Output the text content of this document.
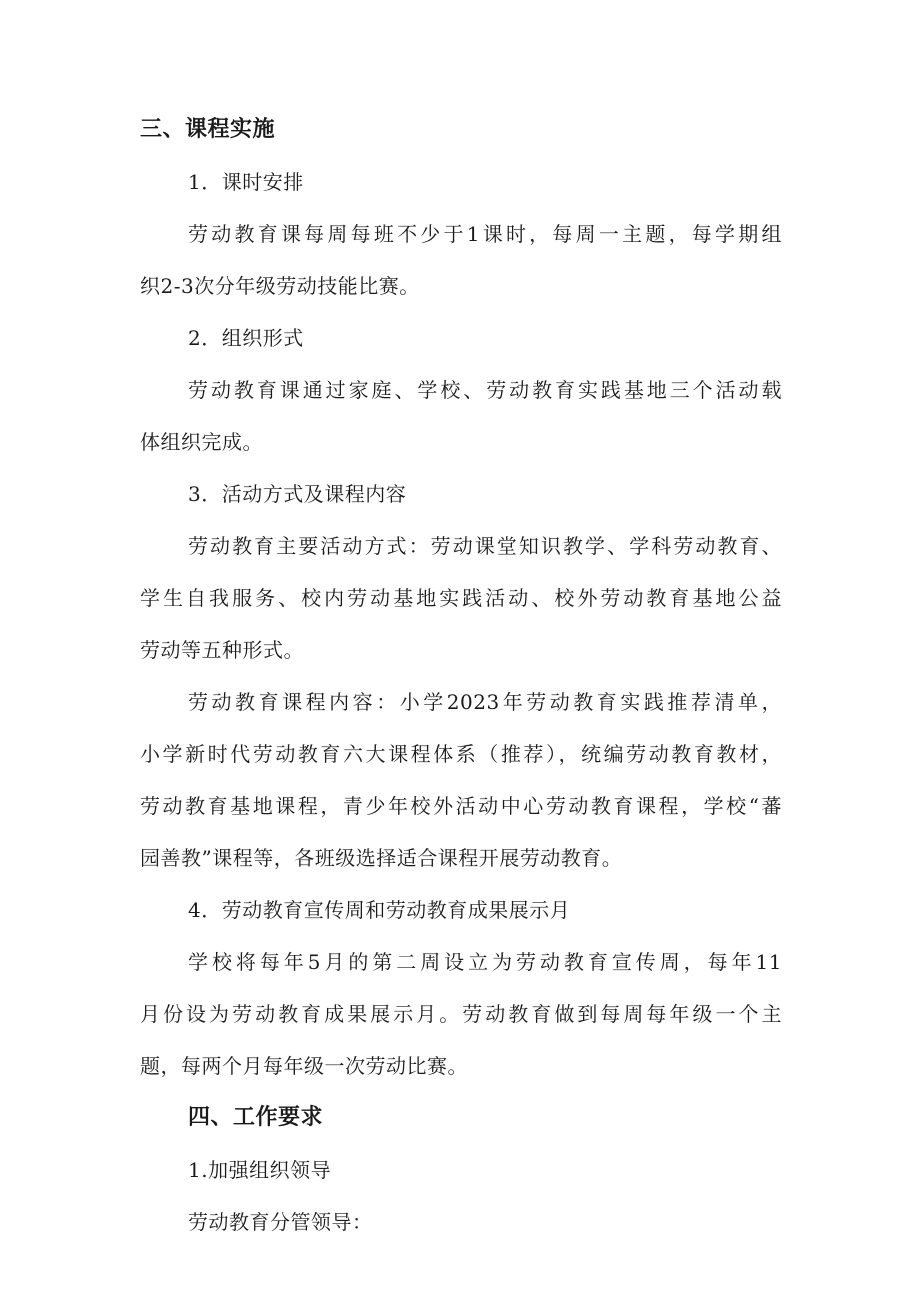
三、课程实施
1．课时安排
劳动教育课每周每班不少于1课时，每周一主题，每学期组
织2-3次分年级劳动技能比赛。
2．组织形式
劳动教育课通过家庭、学校、劳动教育实践基地三个活动载
体组织完成。
3．活动方式及课程内容
劳动教育主要活动方式：劳动课堂知识教学、学科劳动教育、
学生自我服务、校内劳动基地实践活动、校外劳动教育基地公益
劳动等五种形式。
劳动教育课程内容：小学2023年劳动教育实践推荐清单，
小学新时代劳动教育六大课程体系（推荐），统编劳动教育教材，
劳动教育基地课程，青少年校外活动中心劳动教育课程，学校“蕃
园善教”课程等，各班级选择适合课程开展劳动教育。
4．劳动教育宣传周和劳动教育成果展示月
学校将每年5月的第二周设立为劳动教育宣传周，每年11
月份设为劳动教育成果展示月。劳动教育做到每周每年级一个主
题，每两个月每年级一次劳动比赛。
四、工作要求
1.加强组织领导
劳动教育分管领导：
